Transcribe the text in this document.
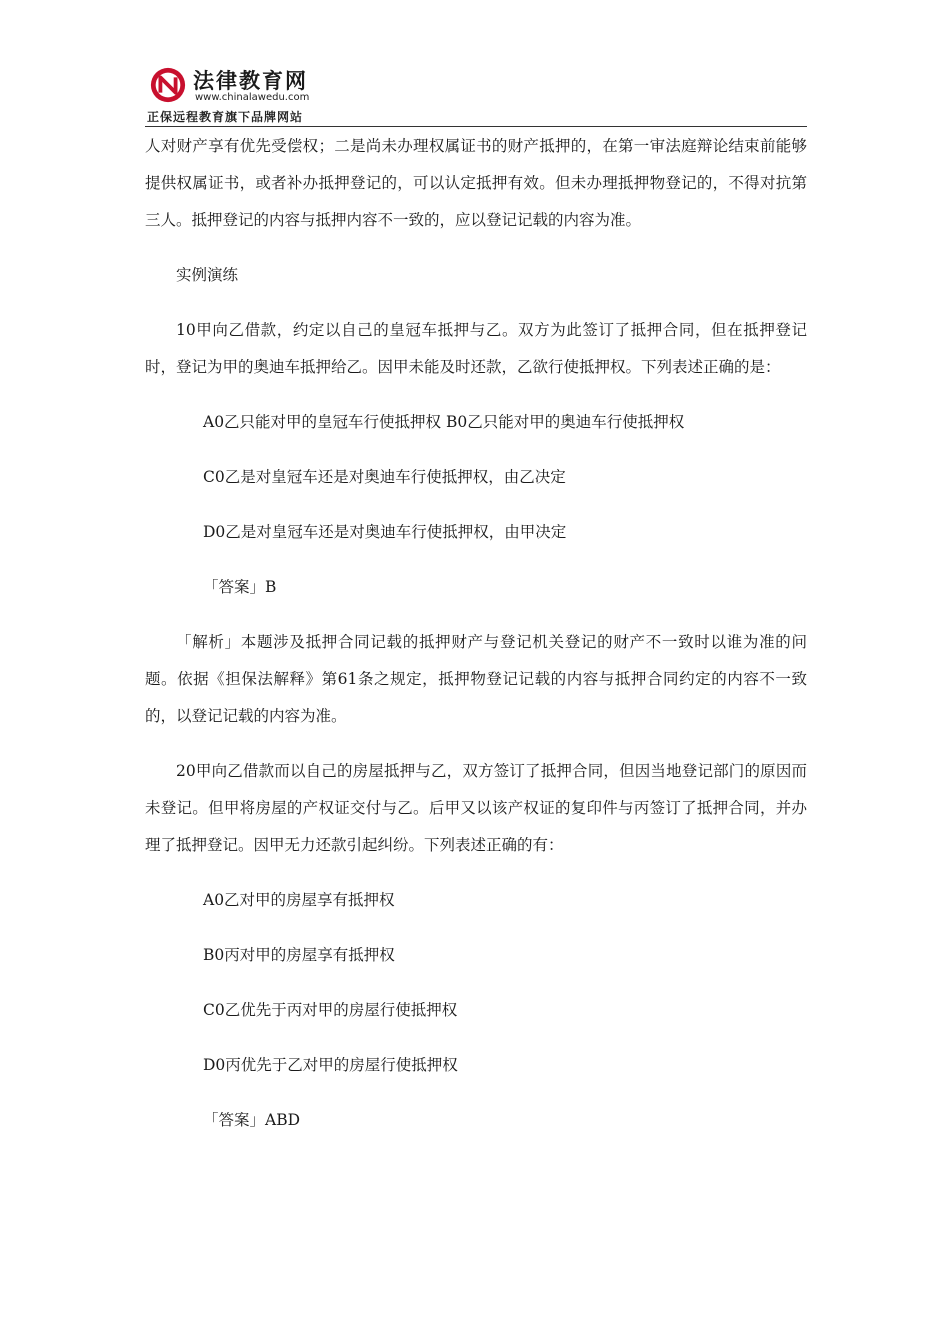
法律教育网
www.chinalawedu.com
正保远程教育旗下品牌网站

人对财产享有优先受偿权；二是尚未办理权属证书的财产抵押的，在第一审法庭辩论结束前能够提供权属证书，或者补办抵押登记的，可以认定抵押有效。但未办理抵押物登记的，不得对抗第三人。抵押登记的内容与抵押内容不一致的，应以登记记载的内容为准。

实例演练

10甲向乙借款，约定以自己的皇冠车抵押与乙。双方为此签订了抵押合同，但在抵押登记时，登记为甲的奥迪车抵押给乙。因甲未能及时还款，乙欲行使抵押权。下列表述正确的是：

A0乙只能对甲的皇冠车行使抵押权 B0乙只能对甲的奥迪车行使抵押权

C0乙是对皇冠车还是对奥迪车行使抵押权，由乙决定

D0乙是对皇冠车还是对奥迪车行使抵押权，由甲决定

「答案」B

「解析」本题涉及抵押合同记载的抵押财产与登记机关登记的财产不一致时以谁为准的问题。依据《担保法解释》第61条之规定，抵押物登记记载的内容与抵押合同约定的内容不一致的，以登记记载的内容为准。

20甲向乙借款而以自己的房屋抵押与乙，双方签订了抵押合同，但因当地登记部门的原因而未登记。但甲将房屋的产权证交付与乙。后甲又以该产权证的复印件与丙签订了抵押合同，并办理了抵押登记。因甲无力还款引起纠纷。下列表述正确的有：

A0乙对甲的房屋享有抵押权

B0丙对甲的房屋享有抵押权

C0乙优先于丙对甲的房屋行使抵押权

D0丙优先于乙对甲的房屋行使抵押权

「答案」ABD
